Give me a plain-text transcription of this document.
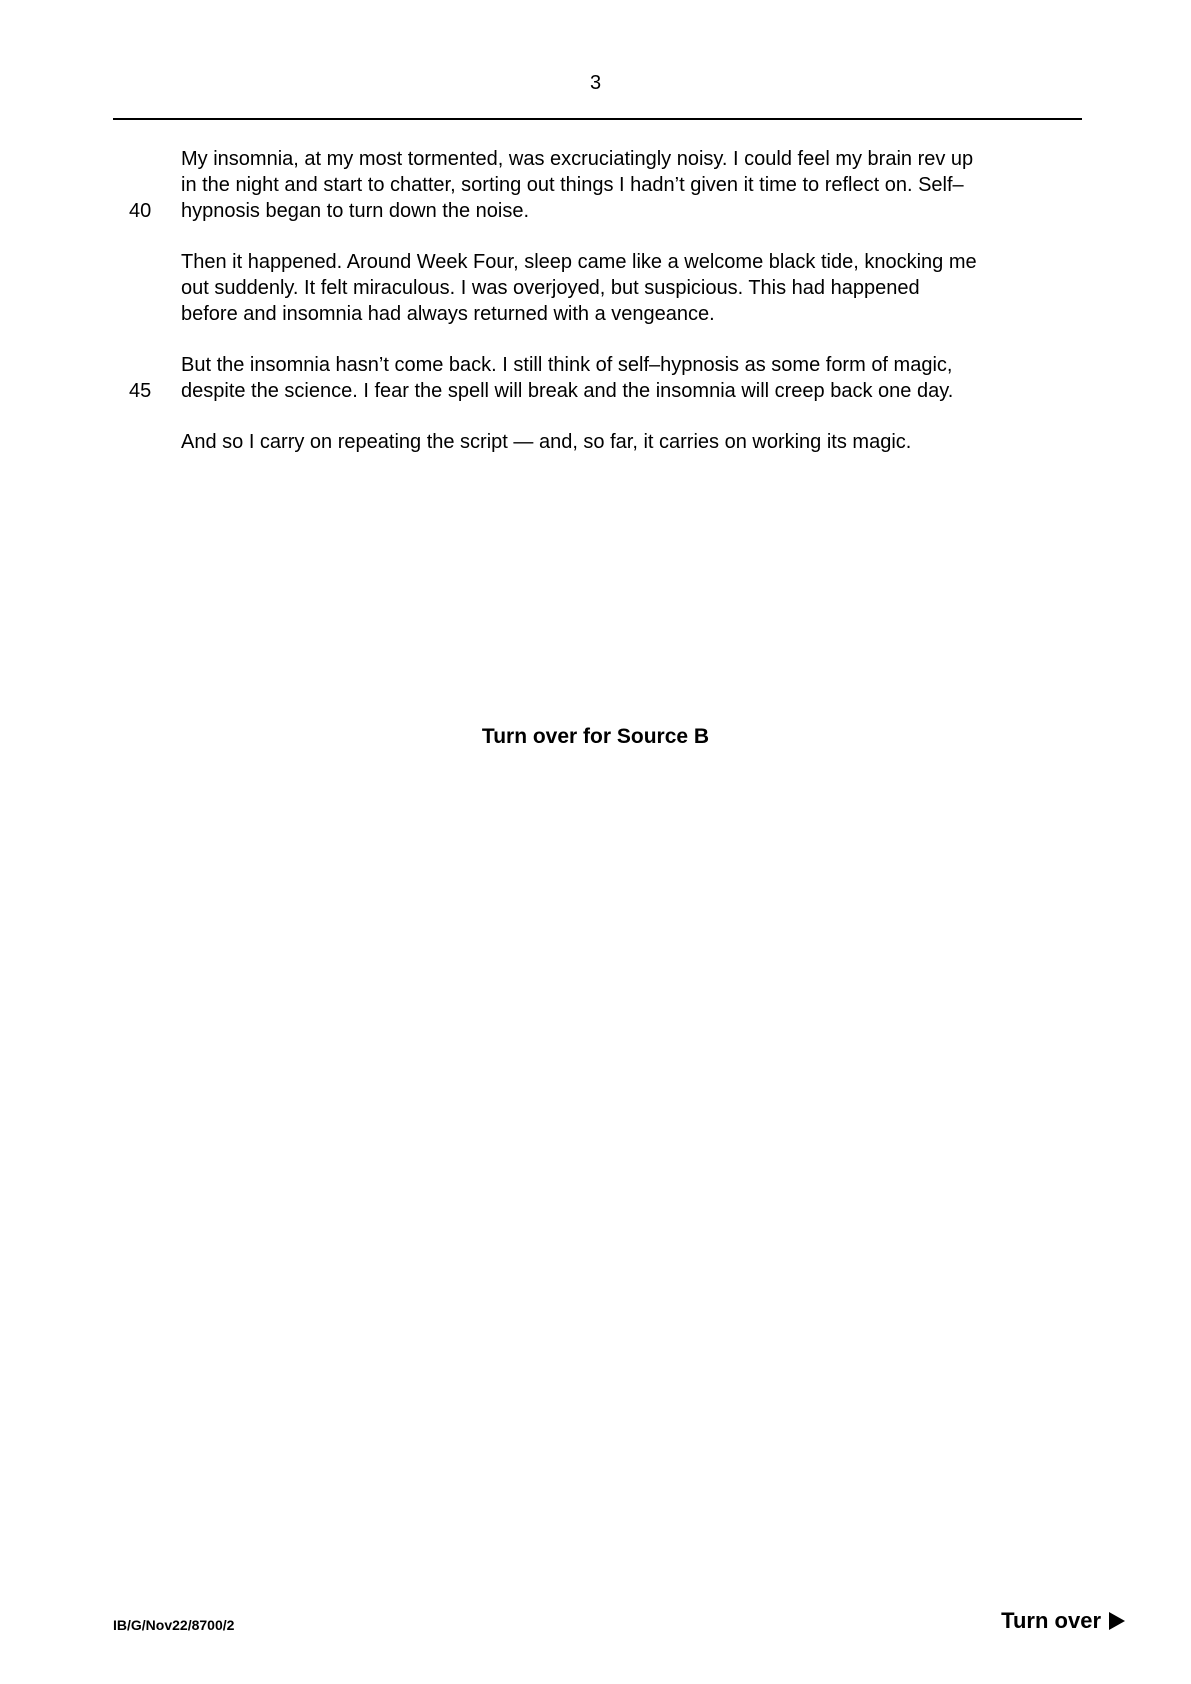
3
My insomnia, at my most tormented, was excruciatingly noisy. I could feel my brain rev up
in the night and start to chatter, sorting out things I hadn’t given it time to reflect on. Self–
40	hypnosis began to turn down the noise.
Then it happened. Around Week Four, sleep came like a welcome black tide, knocking me
out suddenly. It felt miraculous. I was overjoyed, but suspicious. This had happened
before and insomnia had always returned with a vengeance.
But the insomnia hasn’t come back. I still think of self–hypnosis as some form of magic,
45	despite the science. I fear the spell will break and the insomnia will creep back one day.
And so I carry on repeating the script — and, so far, it carries on working its magic.
Turn over for Source B
IB/G/Nov22/8700/2	Turn over
